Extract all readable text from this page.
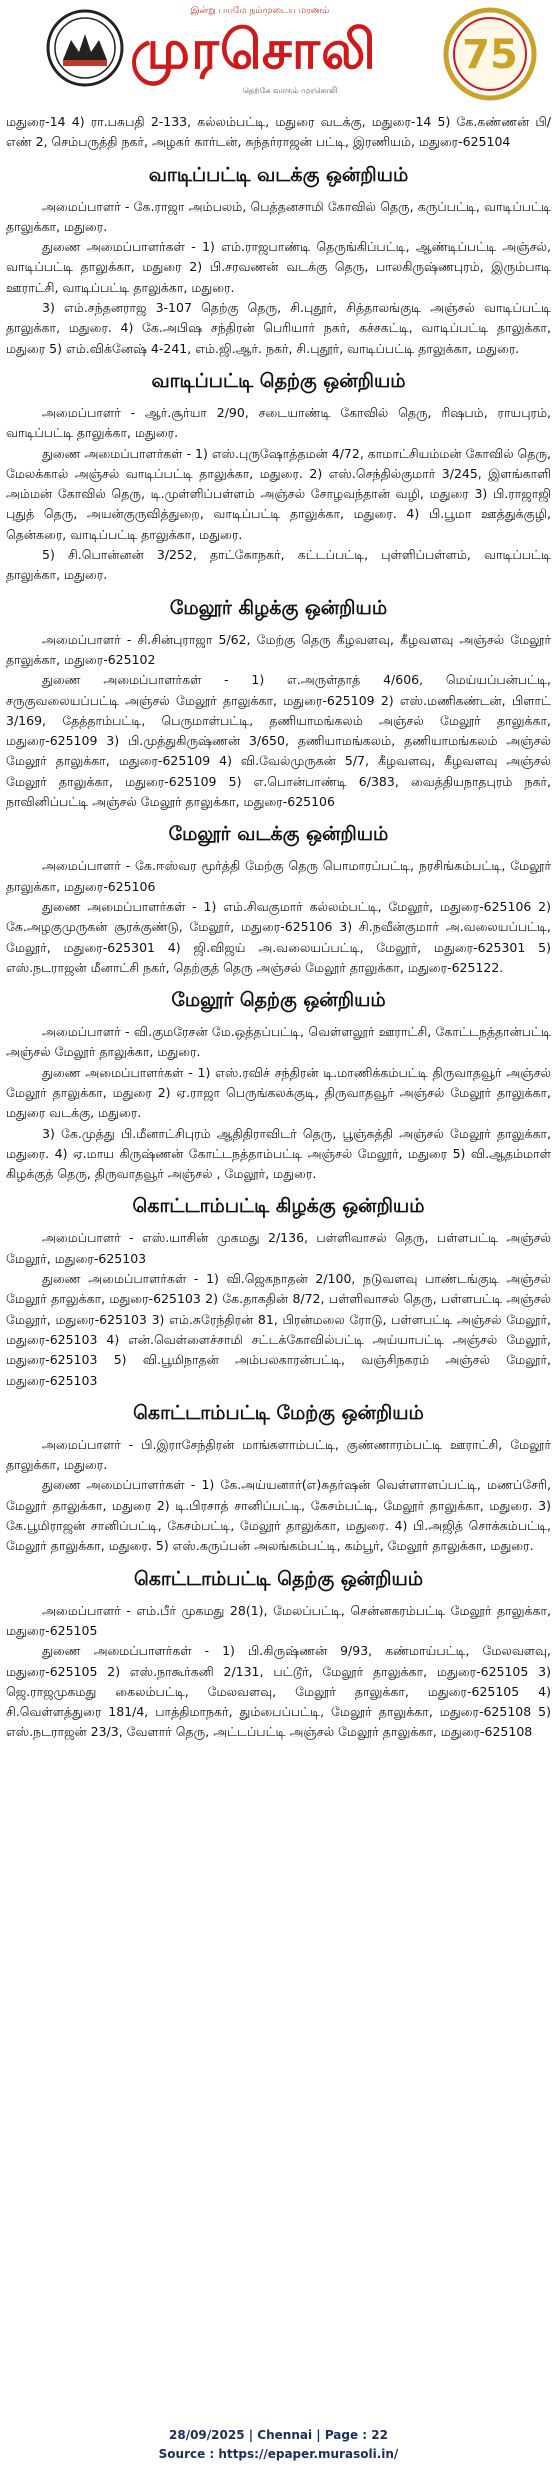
இன்று பயமே நம்முடைய மரணம்
முரசொலி
தெற்கே வாரும் முரசொலி
75

மதுரை-14 4) ரா.பசுபதி 2-133, கல்லம்பட்டி, மதுரை வடக்கு, மதுரை-14 5) கே.கண்ணன் பி/எண் 2, செம்பருத்தி நகர், அழகர் கார்டன், சுந்தர்ராஜன் பட்டி, இரணியம், மதுரை-625104

வாடிப்பட்டி வடக்கு ஒன்றியம்

அமைப்பாளர் - கே.ராஜா அம்பலம், பெத்தனசாமி கோவில் தெரு, கருப்பட்டி, வாடிப்பட்டி தாலுக்கா, மதுரை.

துணை அமைப்பாளர்கள் - 1) எம்.ராஜபாண்டி தெருங்கிப்பட்டி, ஆண்டிப்பட்டி அஞ்சல், வாடிப்பட்டி தாலுக்கா, மதுரை 2) பி.சரவணன் வடக்கு தெரு, பாலகிருஷ்ணபுரம், இரும்பாடி ஊராட்சி, வாடிப்பட்டி தாலுக்கா, மதுரை.

3) எம்.சந்தனராஜ 3-107 தெற்கு தெரு, சி.புதூர், சித்தாலங்குடி அஞ்சல் வாடிப்பட்டி தாலுக்கா, மதுரை. 4) கே.அபிஷ சந்திரன் பெரியார் நகர், கச்சகட்டி, வாடிப்பட்டி தாலுக்கா, மதுரை 5) எம்.விக்னேஷ் 4-241, எம்.ஜி.ஆர். நகர், சி.புதூர், வாடிப்பட்டி தாலுக்கா, மதுரை.

வாடிப்பட்டி தெற்கு ஒன்றியம்

அமைப்பாளர் - ஆர்.சூர்யா 2/90, சடையாண்டி கோவில் தெரு, ரிஷபம், ராயபுரம், வாடிப்பட்டி தாலுக்கா, மதுரை.

துணை அமைப்பாளர்கள் - 1) எஸ்.புருஷோத்தமன் 4/72, காமாட்சியம்மன் கோவில் தெரு, மேலக்கால் அஞ்சல் வாடிப்பட்டி தாலுக்கா, மதுரை. 2) எஸ்.செந்தில்குமார் 3/245, இளங்காளி அம்மன் கோவில் தெரு, டி.முள்ளிப்பள்ளம் அஞ்சல் சோழவந்தான் வழி, மதுரை 3) பி.ராஜாஜி புதுத் தெரு, அயன்குருவித்துறை, வாடிப்பட்டி தாலுக்கா, மதுரை. 4) பி.பூமா ஊத்துக்குழி, தென்கரை, வாடிப்பட்டி தாலுக்கா, மதுரை.

5) சி.பொன்னன் 3/252, தாட்கோநகர், கட்டப்பட்டி, புள்ளிப்பள்ளம், வாடிப்பட்டி தாலுக்கா, மதுரை.

மேலூர் கிழக்கு ஒன்றியம்

அமைப்பாளர் - சி.சின்புராஜா 5/62, மேற்கு தெரு கீழவளவு, கீழவளவு அஞ்சல் மேலூர் தாலுக்கா, மதுரை-625102

துணை அமைப்பாளர்கள் - 1) எ.அருள்தாத் 4/606, மெய்யப்பன்பட்டி, சருகுவலையப்பட்டி அஞ்சல் மேலூர் தாலுக்கா, மதுரை-625109 2) எஸ்.மணிகண்டன், பிளாட் 3/169, தேத்தாம்பட்டி, பெருமாள்பட்டி, தணியாமங்கலம் அஞ்சல் மேலூர் தாலுக்கா, மதுரை-625109 3) பி.முத்துகிருஷ்ணன் 3/650, தணியாமங்கலம், தணியாமங்கலம் அஞ்சல் மேலூர் தாலுக்கா, மதுரை-625109 4) வி.வேல்முருகன் 5/7, கீழவளவு, கீழவளவு அஞ்சல் மேலூர் தாலுக்கா, மதுரை-625109 5) எ.பொன்பாண்டி 6/383, வைத்தியநாதபுரம் நகர், நாவினிப்பட்டி அஞ்சல் மேலூர் தாலுக்கா, மதுரை-625106

மேலூர் வடக்கு ஒன்றியம்

அமைப்பாளர் - கே.ஈஸ்வர மூர்த்தி மேற்கு தெரு பொமாரப்பட்டி, நரசிங்கம்பட்டி, மேலூர் தாலுக்கா, மதுரை-625106

துணை அமைப்பாளர்கள் - 1) எம்.சிவகுமார் கல்லம்பட்டி, மேலூர், மதுரை-625106 2) கே.அழகுமுருகன் சூரக்குண்டு, மேலூர், மதுரை-625106 3) சி.நவீன்குமார் அ.வலையப்பட்டி, மேலூர், மதுரை-625301 4) ஜி.விஜய் அ.வலையப்பட்டி, மேலூர், மதுரை-625301 5) எஸ்.நடராஜன் மீனாட்சி நகர், தெற்குத் தெரு அஞ்சல் மேலூர் தாலுக்கா, மதுரை-625122.

மேலூர் தெற்கு ஒன்றியம்

அமைப்பாளர் - வி.குமரேசன் மே.ஒத்தப்பட்டி, வெள்ளலூர் ஊராட்சி, கோட்டநத்தான்பட்டி அஞ்சல் மேலூர் தாலுக்கா, மதுரை.

துணை அமைப்பாளர்கள் - 1) எஸ்.ரவிச் சந்திரன் டி.மாணிக்கம்பட்டி திருவாதவூர் அஞ்சல் மேலூர் தாலுக்கா, மதுரை 2) ஏ.ராஜா பெருங்கலக்குடி, திருவாதவூர் அஞ்சல் மேலூர் தாலுக்கா, மதுரை வடக்கு, மதுரை.

3) கே.முத்து பி.மீனாட்சிபுரம் ஆதிதிராவிடர் தெரு, பூஞ்சுத்தி அஞ்சல் மேலூர் தாலுக்கா, மதுரை. 4) ஏ.மாய கிருஷ்ணன் கோட்டநத்தாம்பட்டி அஞ்சல் மேலூர், மதுரை 5) வி.ஆதம்மாள் கிழக்குத் தெரு, திருவாதவூர் அஞ்சல் , மேலூர், மதுரை.

கொட்டாம்பட்டி கிழக்கு ஒன்றியம்

அமைப்பாளர் - எஸ்.யாசின் முகமது 2/136, பள்ளிவாசல் தெரு, பள்ளபட்டி அஞ்சல் மேலூர், மதுரை-625103

துணை அமைப்பாளர்கள் - 1) வி.ஜெகநாதன் 2/100, நடுவளவு பாண்டங்குடி அஞ்சல் மேலூர் தாலுக்கா, மதுரை-625103 2) கே.தாகதின் 8/72, பள்ளிவாசல் தெரு, பள்ளபட்டி அஞ்சல் மேலூர், மதுரை-625103 3) எம்.சுரேந்திரன் 81, பிரன்மலை ரோடு, பள்ளபட்டி அஞ்சல் மேலூர், மதுரை-625103 4) என்.வெள்ளைச்சாமி சட்டக்கோவில்பட்டி அய்யாபட்டி அஞ்சல் மேலூர், மதுரை-625103 5) வி.பூமிநாதன் அம்பலகாரன்பட்டி, வஞ்சிநகரம் அஞ்சல் மேலூர், மதுரை-625103

கொட்டாம்பட்டி மேற்கு ஒன்றியம்

அமைப்பாளர் - பி.இராசேந்திரன் மாங்களாம்பட்டி, குண்ணாரம்பட்டி ஊராட்சி, மேலூர் தாலுக்கா, மதுரை.

துணை அமைப்பாளர்கள் - 1) கே.அய்யனார்(எ)சுதர்ஷன் வெள்ளாளப்பட்டி, மணப்சேரி, மேலூர் தாலுக்கா, மதுரை 2) டி.பிரசாத் சானிப்பட்டி, கேசம்பட்டி, மேலூர் தாலுக்கா, மதுரை. 3) கே.பூமிராஜன் சானிப்பட்டி, கேசம்பட்டி, மேலூர் தாலுக்கா, மதுரை. 4) பி.அஜித் சொக்கம்பட்டி, மேலூர் தாலுக்கா, மதுரை. 5) எஸ்.கருப்பன் அலங்கம்பட்டி, கம்பூர், மேலூர் தாலுக்கா, மதுரை.

கொட்டாம்பட்டி தெற்கு ஒன்றியம்

அமைப்பாளர் - எம்.பீர் முகமது 28(1), மேலப்பட்டி, சென்னகரம்பட்டி மேலூர் தாலுக்கா, மதுரை-625105

துணை அமைப்பாளர்கள் - 1) பி.கிருஷ்ணன் 9/93, கண்மாய்பட்டி, மேலவளவு, மதுரை-625105 2) எஸ்.நாகூர்கனி 2/131, பட்டூர், மேலூர் தாலுக்கா, மதுரை-625105 3) ஜெ.ராஜமுகமது கைலம்பட்டி, மேலவளவு, மேலூர் தாலுக்கா, மதுரை-625105 4) சி.வெள்ளத்துரை 181/4, பாத்திமாநகர், தும்பைப்பட்டி, மேலூர் தாலுக்கா, மதுரை-625108 5) எஸ்.நடராஜன் 23/3, வேளார் தெரு, அட்டப்பட்டி அஞ்சல் மேலூர் தாலுக்கா, மதுரை-625108

28/09/2025 | Chennai | Page : 22
Source : https://epaper.murasoli.in/
